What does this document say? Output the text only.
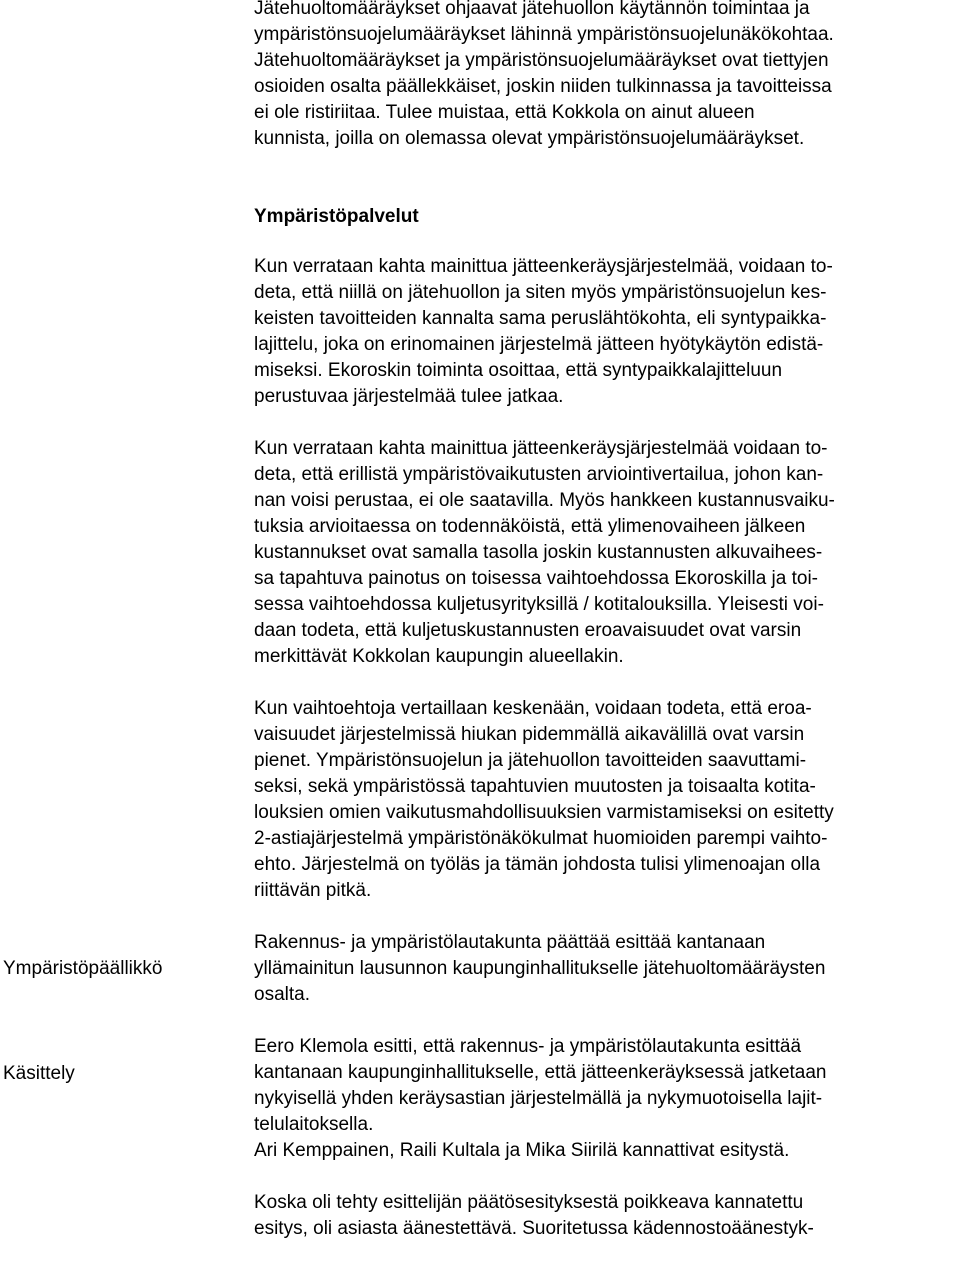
Jätehuoltomääräykset ohjaavat jätehuollon käytännön toimintaa ja
ympäristönsuojelumääräykset lähinnä ympäristönsuojelunäkökohtaa.
Jätehuoltomääräykset ja ympäristönsuojelumääräykset ovat tiettyjen
osioiden osalta päällekkäiset, joskin niiden tulkinnassa ja tavoitteissa
ei ole ristiriitaa. Tulee muistaa, että Kokkola on ainut alueen
kunnista, joilla on olemassa olevat ympäristönsuojelumääräykset.

Ympäristöpalvelut

Kun verrataan kahta mainittua jätteenkeräysjärjestelmää, voidaan to-
deta, että niillä on jätehuollon ja siten myös ympäristönsuojelun kes-
keisten tavoitteiden kannalta sama peruslähtökohta, eli syntypaikka-
lajittelu, joka on erinomainen järjestelmä jätteen hyötykäytön edistä-
miseksi. Ekoroskin toiminta osoittaa, että syntypaikkalajitteluun
perustuvaa järjestelmää tulee jatkaa.

Kun verrataan kahta mainittua jätteenkeräysjärjestelmää voidaan to-
deta, että erillistä ympäristövaikutusten arviointivertailua, johon kan-
nan voisi perustaa, ei ole saatavilla. Myös hankkeen kustannusvaiku-
tuksia arvioitaessa on todennäköistä, että ylimenovaiheen jälkeen
kustannukset ovat samalla tasolla joskin kustannusten alkuvaihees-
sa tapahtuva painotus on toisessa vaihtoehdossa Ekoroskilla ja toi-
sessa vaihtoehdossa kuljetusyrityksillä / kotitalouksilla. Yleisesti voi-
daan todeta, että kuljetuskustannusten eroavaisuudet ovat varsin
merkittävät Kokkolan kaupungin alueellakin.

Kun vaihtoehtoja vertaillaan keskenään, voidaan todeta, että eroa-
vaisuudet järjestelmissä hiukan pidemmällä aikavälillä ovat varsin
pienet. Ympäristönsuojelun ja jätehuollon tavoitteiden saavuttami-
seksi, sekä ympäristössä tapahtuvien muutosten ja toisaalta kotita-
louksien omien vaikutusmahdollisuuksien varmistamiseksi on esitetty
2-astiajärjestelmä ympäristönäkökulmat huomioiden parempi vaihto-
ehto. Järjestelmä on työläs ja tämän johdosta tulisi ylimenoajan olla
riittävän pitkä.

Rakennus- ja ympäristölautakunta päättää esittää kantanaan
yllämainitun lausunnon kaupunginhallitukselle jätehuoltomääräysten
osalta.

Eero Klemola esitti, että rakennus- ja ympäristölautakunta esittää
kantanaan kaupunginhallitukselle, että jätteenkeräyksessä jatketaan
nykyisellä yhden keräysastian järjestelmällä ja nykymuotoisella lajit-
telulaitoksella.

Ari Kemppainen, Raili Kultala ja Mika Siirilä kannattivat esitystä.

Koska oli tehty esittelijän päätösesityksestä poikkeava kannatettu
esitys, oli asiasta äänestettävä. Suoritetussa kädennostoäänestyk-

Ympäristöpäällikkö

Käsittely
